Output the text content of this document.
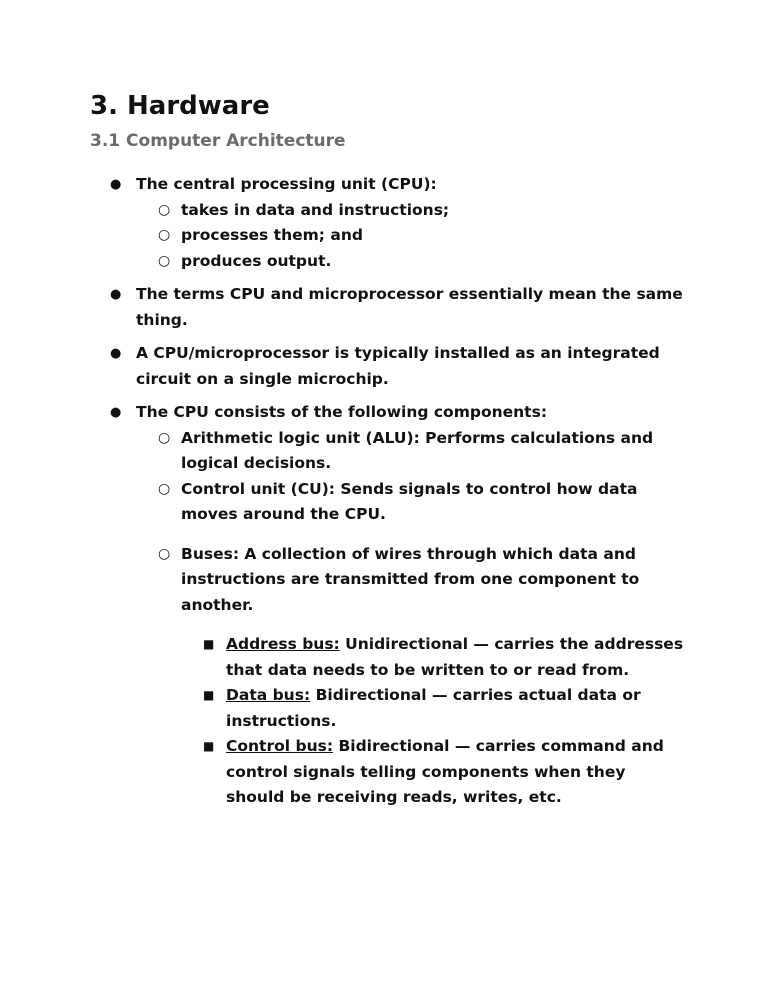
3. Hardware
3.1 Computer Architecture
● The central processing unit (CPU):
○ takes in data and instructions;
○ processes them; and
○ produces output.
● The terms CPU and microprocessor essentially mean the same thing.
● A CPU/microprocessor is typically installed as an integrated circuit on a single microchip.
● The CPU consists of the following components:
○ Arithmetic logic unit (ALU): Performs calculations and logical decisions.
○ Control unit (CU): Sends signals to control how data moves around the CPU.
○ Buses: A collection of wires through which data and instructions are transmitted from one component to another.
■ Address bus: Unidirectional — carries the addresses that data needs to be written to or read from.
■ Data bus: Bidirectional — carries actual data or instructions.
■ Control bus: Bidirectional — carries command and control signals telling components when they should be receiving reads, writes, etc.
